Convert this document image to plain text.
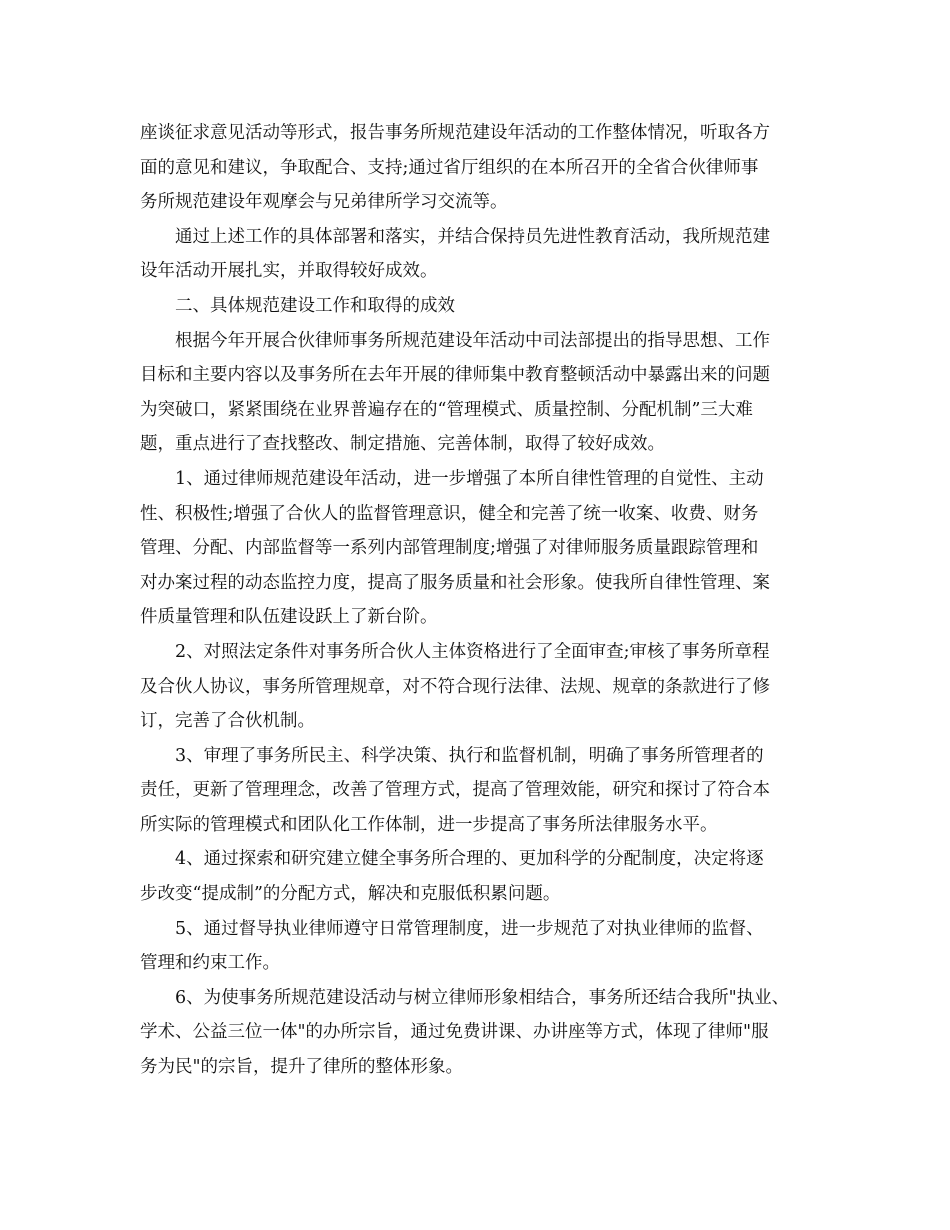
座谈征求意见活动等形式，报告事务所规范建设年活动的工作整体情况，听取各方
面的意见和建议，争取配合、支持;通过省厅组织的在本所召开的全省合伙律师事
务所规范建设年观摩会与兄弟律所学习交流等。
通过上述工作的具体部署和落实，并结合保持员先进性教育活动，我所规范建
设年活动开展扎实，并取得较好成效。
二、具体规范建设工作和取得的成效
根据今年开展合伙律师事务所规范建设年活动中司法部提出的指导思想、工作
目标和主要内容以及事务所在去年开展的律师集中教育整顿活动中暴露出来的问题
为突破口，紧紧围绕在业界普遍存在的“管理模式、质量控制、分配机制”三大难
题，重点进行了查找整改、制定措施、完善体制，取得了较好成效。
1、通过律师规范建设年活动，进一步增强了本所自律性管理的自觉性、主动
性、积极性;增强了合伙人的监督管理意识，健全和完善了统一收案、收费、财务
管理、分配、内部监督等一系列内部管理制度;增强了对律师服务质量跟踪管理和
对办案过程的动态监控力度，提高了服务质量和社会形象。使我所自律性管理、案
件质量管理和队伍建设跃上了新台阶。
2、对照法定条件对事务所合伙人主体资格进行了全面审查;审核了事务所章程
及合伙人协议，事务所管理规章，对不符合现行法律、法规、规章的条款进行了修
订，完善了合伙机制。
3、审理了事务所民主、科学决策、执行和监督机制，明确了事务所管理者的
责任，更新了管理理念，改善了管理方式，提高了管理效能，研究和探讨了符合本
所实际的管理模式和团队化工作体制，进一步提高了事务所法律服务水平。
4、通过探索和研究建立健全事务所合理的、更加科学的分配制度，决定将逐
步改变“提成制”的分配方式，解决和克服低积累问题。
5、通过督导执业律师遵守日常管理制度，进一步规范了对执业律师的监督、
管理和约束工作。
6、为使事务所规范建设活动与树立律师形象相结合，事务所还结合我所"执业、
学术、公益三位一体"的办所宗旨，通过免费讲课、办讲座等方式，体现了律师"服
务为民"的宗旨，提升了律所的整体形象。
